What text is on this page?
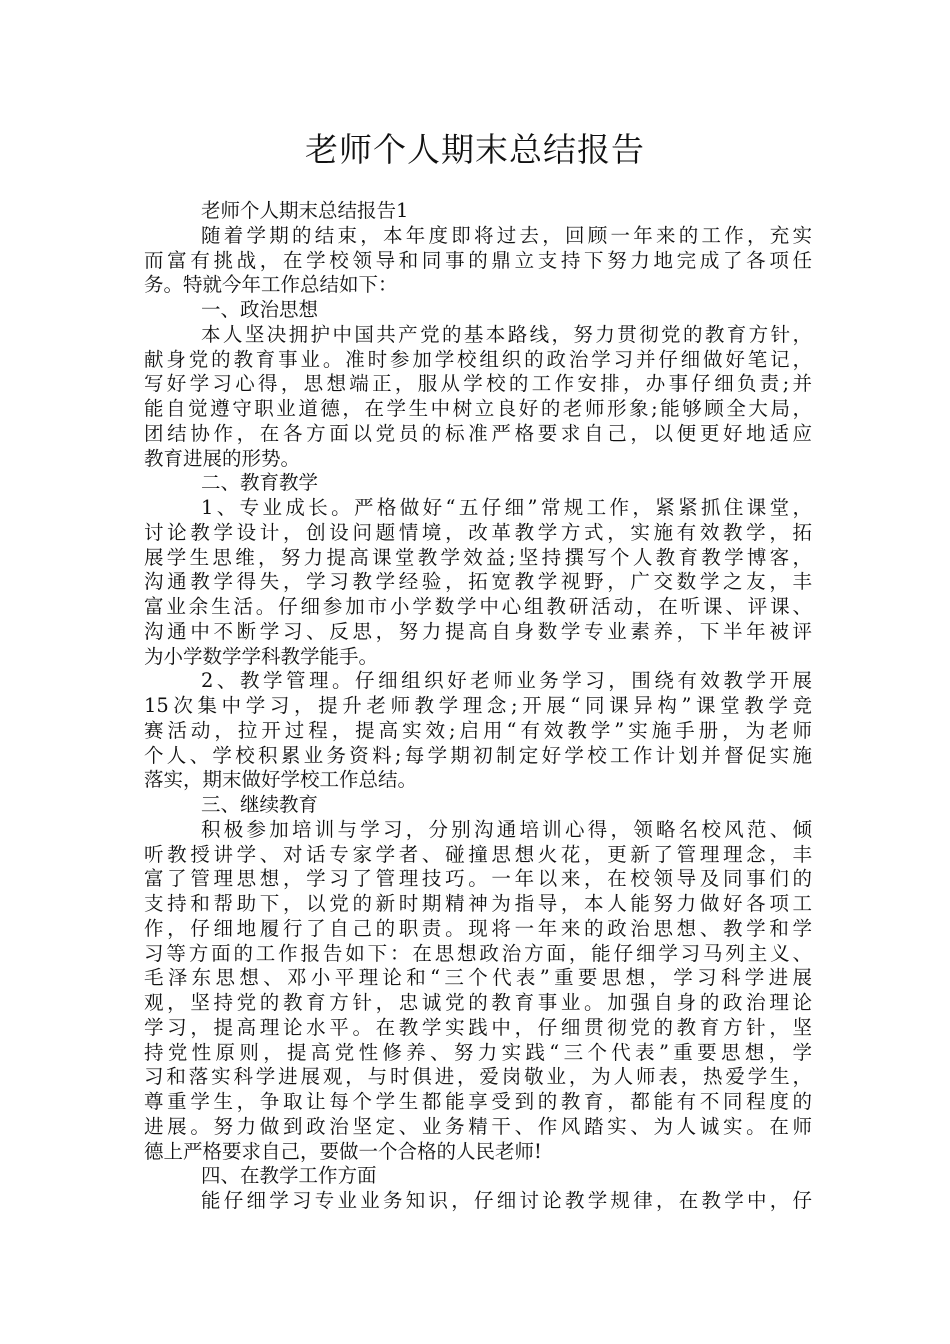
老师个人期末总结报告
老师个人期末总结报告1
随着学期的结束，本年度即将过去，回顾一年来的工作，充实
而富有挑战，在学校领导和同事的鼎立支持下努力地完成了各项任
务。特就今年工作总结如下：
一、政治思想
本人坚决拥护中国共产党的基本路线，努力贯彻党的教育方针，
献身党的教育事业。准时参加学校组织的政治学习并仔细做好笔记，
写好学习心得，思想端正，服从学校的工作安排，办事仔细负责;并
能自觉遵守职业道德，在学生中树立良好的老师形象;能够顾全大局，
团结协作，在各方面以党员的标准严格要求自己，以便更好地适应
教育进展的形势。
二、教育教学
1、专业成长。严格做好“五仔细”常规工作，紧紧抓住课堂，
讨论教学设计，创设问题情境，改革教学方式，实施有效教学，拓
展学生思维，努力提高课堂教学效益;坚持撰写个人教育教学博客，
沟通教学得失，学习教学经验，拓宽教学视野，广交数学之友，丰
富业余生活。仔细参加市小学数学中心组教研活动，在听课、评课、
沟通中不断学习、反思，努力提高自身数学专业素养，下半年被评
为小学数学学科教学能手。
2、教学管理。仔细组织好老师业务学习，围绕有效教学开展
15次集中学习，提升老师教学理念;开展“同课异构”课堂教学竞
赛活动，拉开过程，提高实效;启用“有效教学”实施手册，为老师
个人、学校积累业务资料;每学期初制定好学校工作计划并督促实施
落实，期末做好学校工作总结。
三、继续教育
积极参加培训与学习，分别沟通培训心得，领略名校风范、倾
听教授讲学、对话专家学者、碰撞思想火花，更新了管理理念，丰
富了管理思想，学习了管理技巧。一年以来，在校领导及同事们的
支持和帮助下，以党的新时期精神为指导，本人能努力做好各项工
作，仔细地履行了自己的职责。现将一年来的政治思想、教学和学
习等方面的工作报告如下：在思想政治方面，能仔细学习马列主义、
毛泽东思想、邓小平理论和“三个代表”重要思想，学习科学进展
观，坚持党的教育方针，忠诚党的教育事业。加强自身的政治理论
学习，提高理论水平。在教学实践中，仔细贯彻党的教育方针，坚
持党性原则，提高党性修养、努力实践“三个代表”重要思想，学
习和落实科学进展观，与时俱进，爱岗敬业，为人师表，热爱学生，
尊重学生，争取让每个学生都能享受到的教育，都能有不同程度的
进展。努力做到政治坚定、业务精干、作风踏实、为人诚实。在师
德上严格要求自己，要做一个合格的人民老师!
四、在教学工作方面
能仔细学习专业业务知识，仔细讨论教学规律，在教学中，仔
